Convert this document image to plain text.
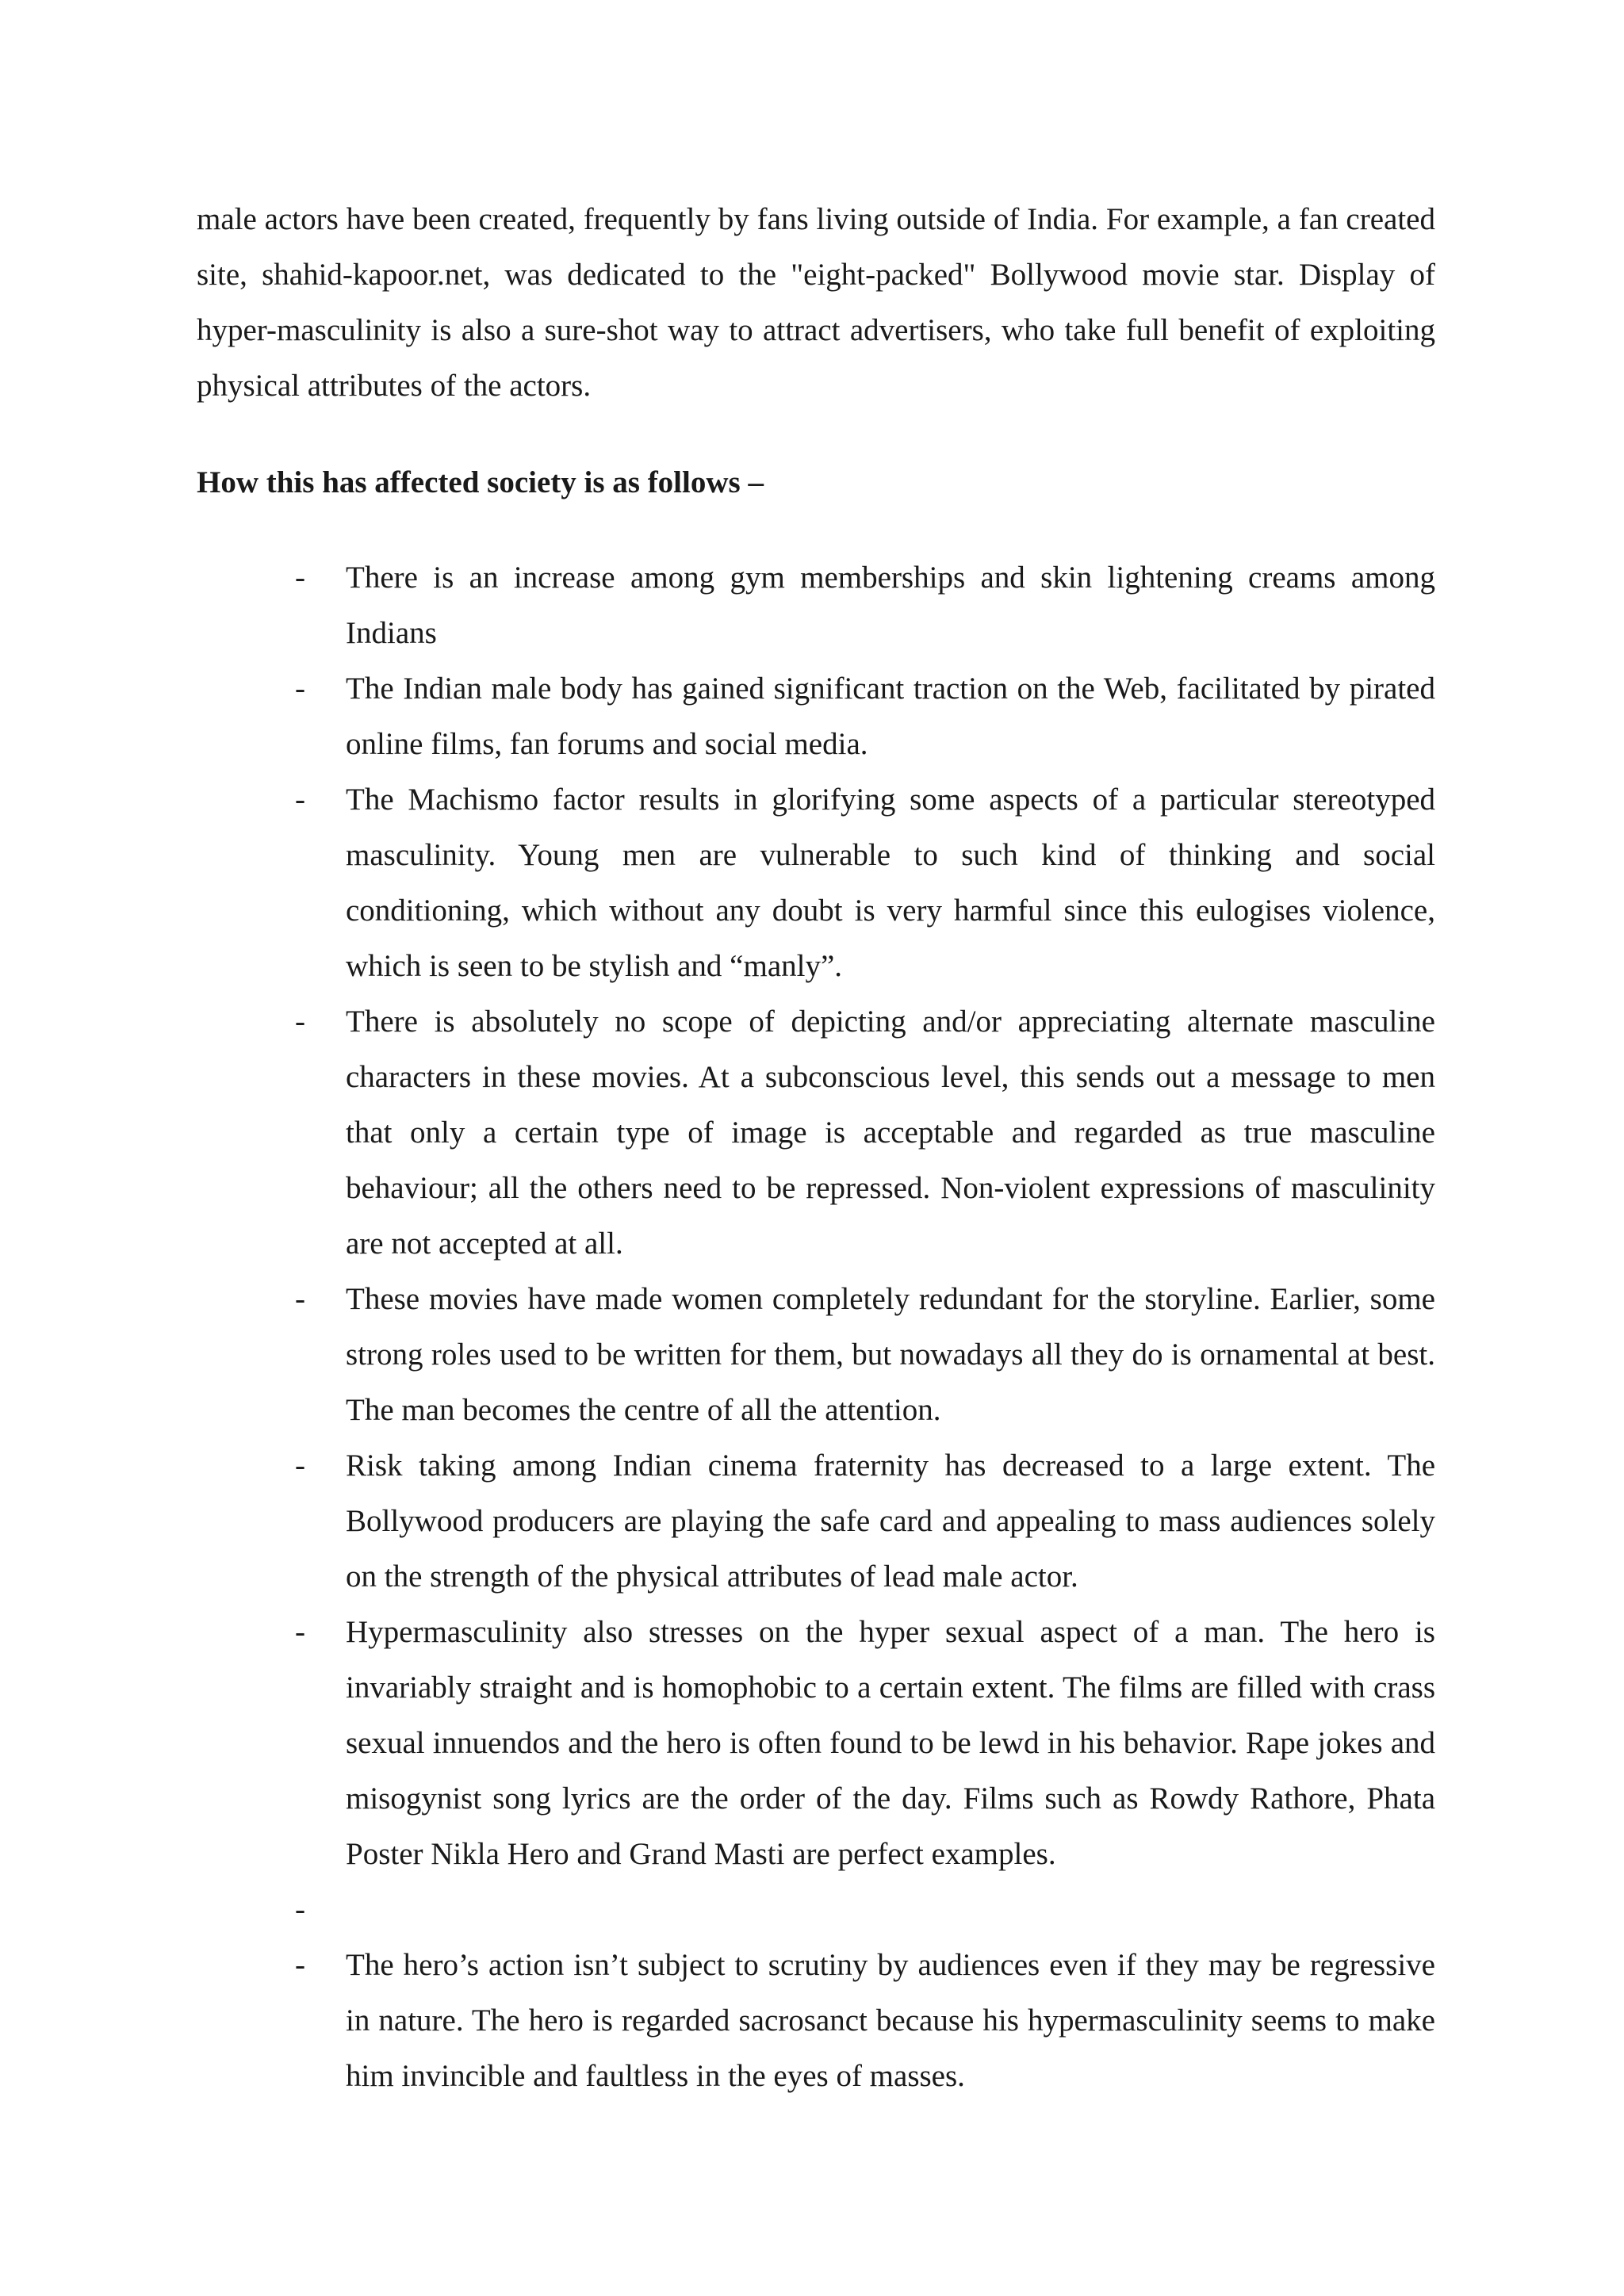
male actors have been created, frequently by fans living outside of India. For example, a fan created site, shahid-kapoor.net, was dedicated to the "eight-packed" Bollywood movie star. Display of hyper-masculinity is also a sure-shot way to attract advertisers, who take full benefit of exploiting physical attributes of the actors.

How this has affected society is as follows –
- There is an increase among gym memberships and skin lightening creams among Indians
- The Indian male body has gained significant traction on the Web, facilitated by pirated online films, fan forums and social media.
- The Machismo factor results in glorifying some aspects of a particular stereotyped masculinity. Young men are vulnerable to such kind of thinking and social conditioning, which without any doubt is very harmful since this eulogises violence, which is seen to be stylish and “manly”.
- There is absolutely no scope of depicting and/or appreciating alternate masculine characters in these movies. At a subconscious level, this sends out a message to men that only a certain type of image is acceptable and regarded as true masculine behaviour; all the others need to be repressed. Non-violent expressions of masculinity are not accepted at all.
- These movies have made women completely redundant for the storyline. Earlier, some strong roles used to be written for them, but nowadays all they do is ornamental at best. The man becomes the centre of all the attention.
- Risk taking among Indian cinema fraternity has decreased to a large extent. The Bollywood producers are playing the safe card and appealing to mass audiences solely on the strength of the physical attributes of lead male actor.
- Hypermasculinity also stresses on the hyper sexual aspect of a man. The hero is invariably straight and is homophobic to a certain extent. The films are filled with crass sexual innuendos and the hero is often found to be lewd in his behavior. Rape jokes and misogynist song lyrics are the order of the day. Films such as Rowdy Rathore, Phata Poster Nikla Hero and Grand Masti are perfect examples.
-
- The hero’s action isn’t subject to scrutiny by audiences even if they may be regressive in nature. The hero is regarded sacrosanct because his hypermasculinity seems to make him invincible and faultless in the eyes of masses.
